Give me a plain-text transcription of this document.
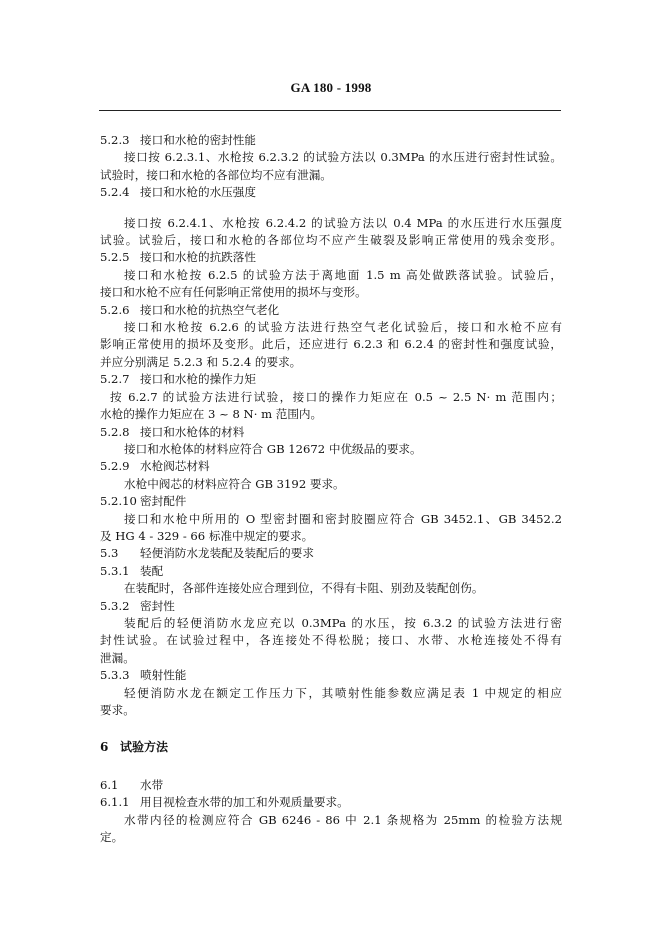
GA 180 - 1998
5.2.3 接口和水枪的密封性能
接口按 6.2.3.1、水枪按 6.2.3.2 的试验方法以 0.3MPa 的水压进行密封性试验。
试验时，接口和水枪的各部位均不应有泄漏。
5.2.4 接口和水枪的水压强度
接口按 6.2.4.1、水枪按 6.2.4.2 的试验方法以 0.4 MPa 的水压进行水压强度
试验。试验后，接口和水枪的各部位均不应产生破裂及影响正常使用的残余变形。
5.2.5 接口和水枪的抗跌落性
接口和水枪按 6.2.5 的试验方法于离地面 1.5 m 高处做跌落试验。试验后，
接口和水枪不应有任何影响正常使用的损坏与变形。
5.2.6 接口和水枪的抗热空气老化
接口和水枪按 6.2.6 的试验方法进行热空气老化试验后，接口和水枪不应有
影响正常使用的损坏及变形。此后，还应进行 6.2.3 和 6.2.4 的密封性和强度试验，
并应分别满足 5.2.3 和 5.2.4 的要求。
5.2.7 接口和水枪的操作力矩
按 6.2.7 的试验方法进行试验，接口的操作力矩应在 0.5 ~ 2.5 N· m 范围内；
水枪的操作力矩应在 3 ~ 8 N· m 范围内。
5.2.8 接口和水枪体的材料
接口和水枪体的材料应符合 GB 12672 中优级品的要求。
5.2.9 水枪阀芯材料
水枪中阀芯的材料应符合 GB 3192 要求。
5.2.10 密封配件
接口和水枪中所用的 O 型密封圈和密封胶圈应符合 GB 3452.1、GB 3452.2
及 HG 4 - 329 - 66 标准中规定的要求。
5.3 轻便消防水龙装配及装配后的要求
5.3.1 装配
在装配时，各部件连接处应合理到位，不得有卡阻、别劲及装配创伤。
5.3.2 密封性
装配后的轻便消防水龙应充以 0.3MPa 的水压，按 6.3.2 的试验方法进行密
封性试验。在试验过程中，各连接处不得松脱；接口、水带、水枪连接处不得有
泄漏。
5.3.3 喷射性能
轻便消防水龙在额定工作压力下，其喷射性能参数应满足表 1 中规定的相应
要求。
6 试验方法
6.1 水带
6.1.1 用目视检查水带的加工和外观质量要求。
水带内径的检测应符合 GB 6246 - 86 中 2.1 条规格为 25mm 的检验方法规
定。
